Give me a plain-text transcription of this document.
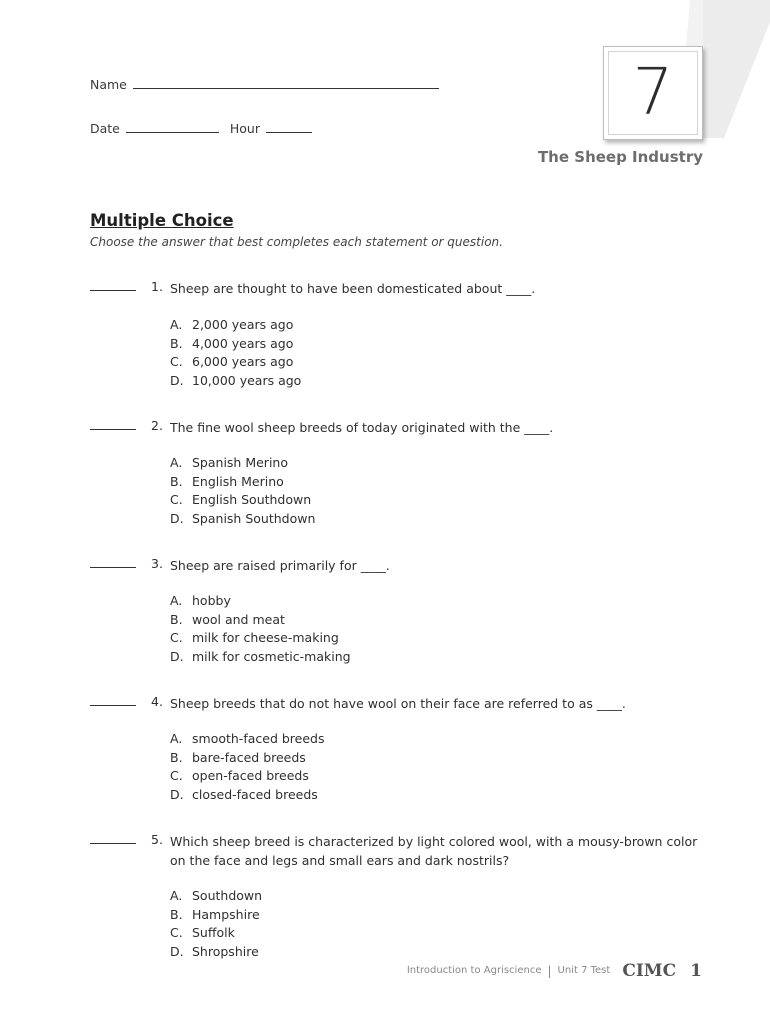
7
The Sheep Industry
Name
Date	Hour
Multiple Choice
Choose the answer that best completes each statement or question.
1. Sheep are thought to have been domesticated about ____.
A. 2,000 years ago
B. 4,000 years ago
C. 6,000 years ago
D. 10,000 years ago
2. The fine wool sheep breeds of today originated with the ____.
A. Spanish Merino
B. English Merino
C. English Southdown
D. Spanish Southdown
3. Sheep are raised primarily for ____.
A. hobby
B. wool and meat
C. milk for cheese-making
D. milk for cosmetic-making
4. Sheep breeds that do not have wool on their face are referred to as ____.
A. smooth-faced breeds
B. bare-faced breeds
C. open-faced breeds
D. closed-faced breeds
5. Which sheep breed is characterized by light colored wool, with a mousy-brown color on the face and legs and small ears and dark nostrils?
A. Southdown
B. Hampshire
C. Suffolk
D. Shropshire
Introduction to Agriscience | Unit 7 Test CIMC 1
